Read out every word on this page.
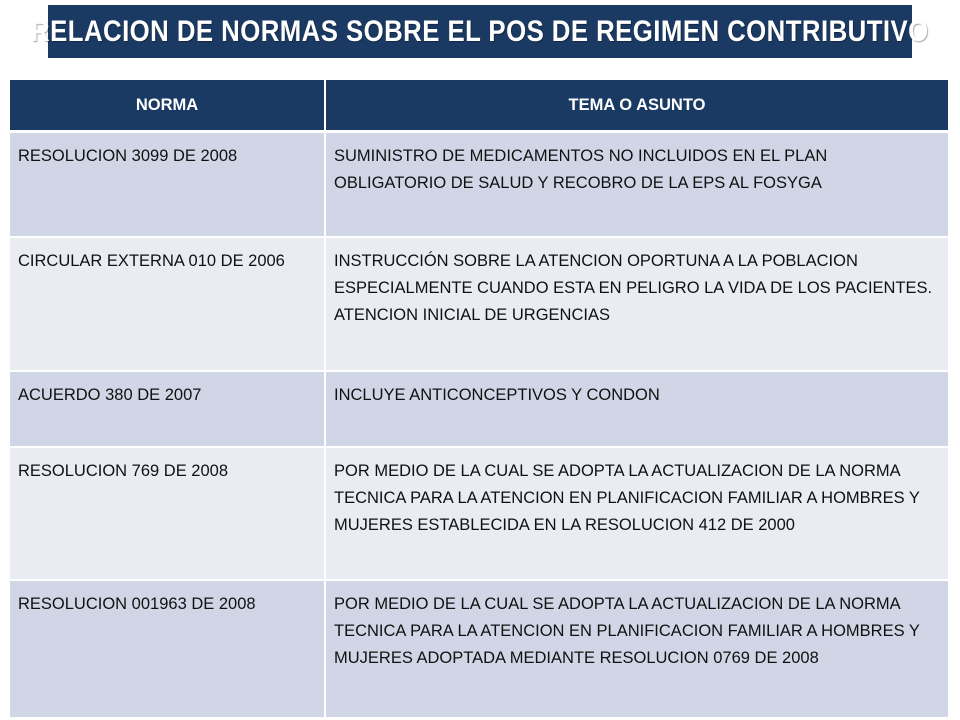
RELACION DE NORMAS SOBRE EL POS DE REGIMEN CONTRIBUTIVO
NORMA	TEMA O ASUNTO
RESOLUCION 3099 DE 2008	SUMINISTRO DE MEDICAMENTOS NO INCLUIDOS EN EL PLAN OBLIGATORIO DE SALUD Y RECOBRO DE LA EPS AL FOSYGA
CIRCULAR EXTERNA 010 DE 2006	INSTRUCCIÓN SOBRE LA ATENCION OPORTUNA A LA POBLACION ESPECIALMENTE CUANDO ESTA EN PELIGRO LA VIDA DE LOS PACIENTES. ATENCION INICIAL DE URGENCIAS
ACUERDO 380 DE 2007	INCLUYE ANTICONCEPTIVOS Y CONDON
RESOLUCION 769 DE 2008	POR MEDIO DE LA CUAL SE ADOPTA LA ACTUALIZACION DE LA NORMA TECNICA PARA LA ATENCION EN PLANIFICACION FAMILIAR A HOMBRES Y MUJERES ESTABLECIDA EN LA RESOLUCION 412 DE 2000
RESOLUCION 001963 DE 2008	POR MEDIO DE LA CUAL SE ADOPTA LA ACTUALIZACION DE LA NORMA TECNICA PARA LA ATENCION EN PLANIFICACION FAMILIAR A HOMBRES Y MUJERES ADOPTADA MEDIANTE RESOLUCION 0769 DE 2008
